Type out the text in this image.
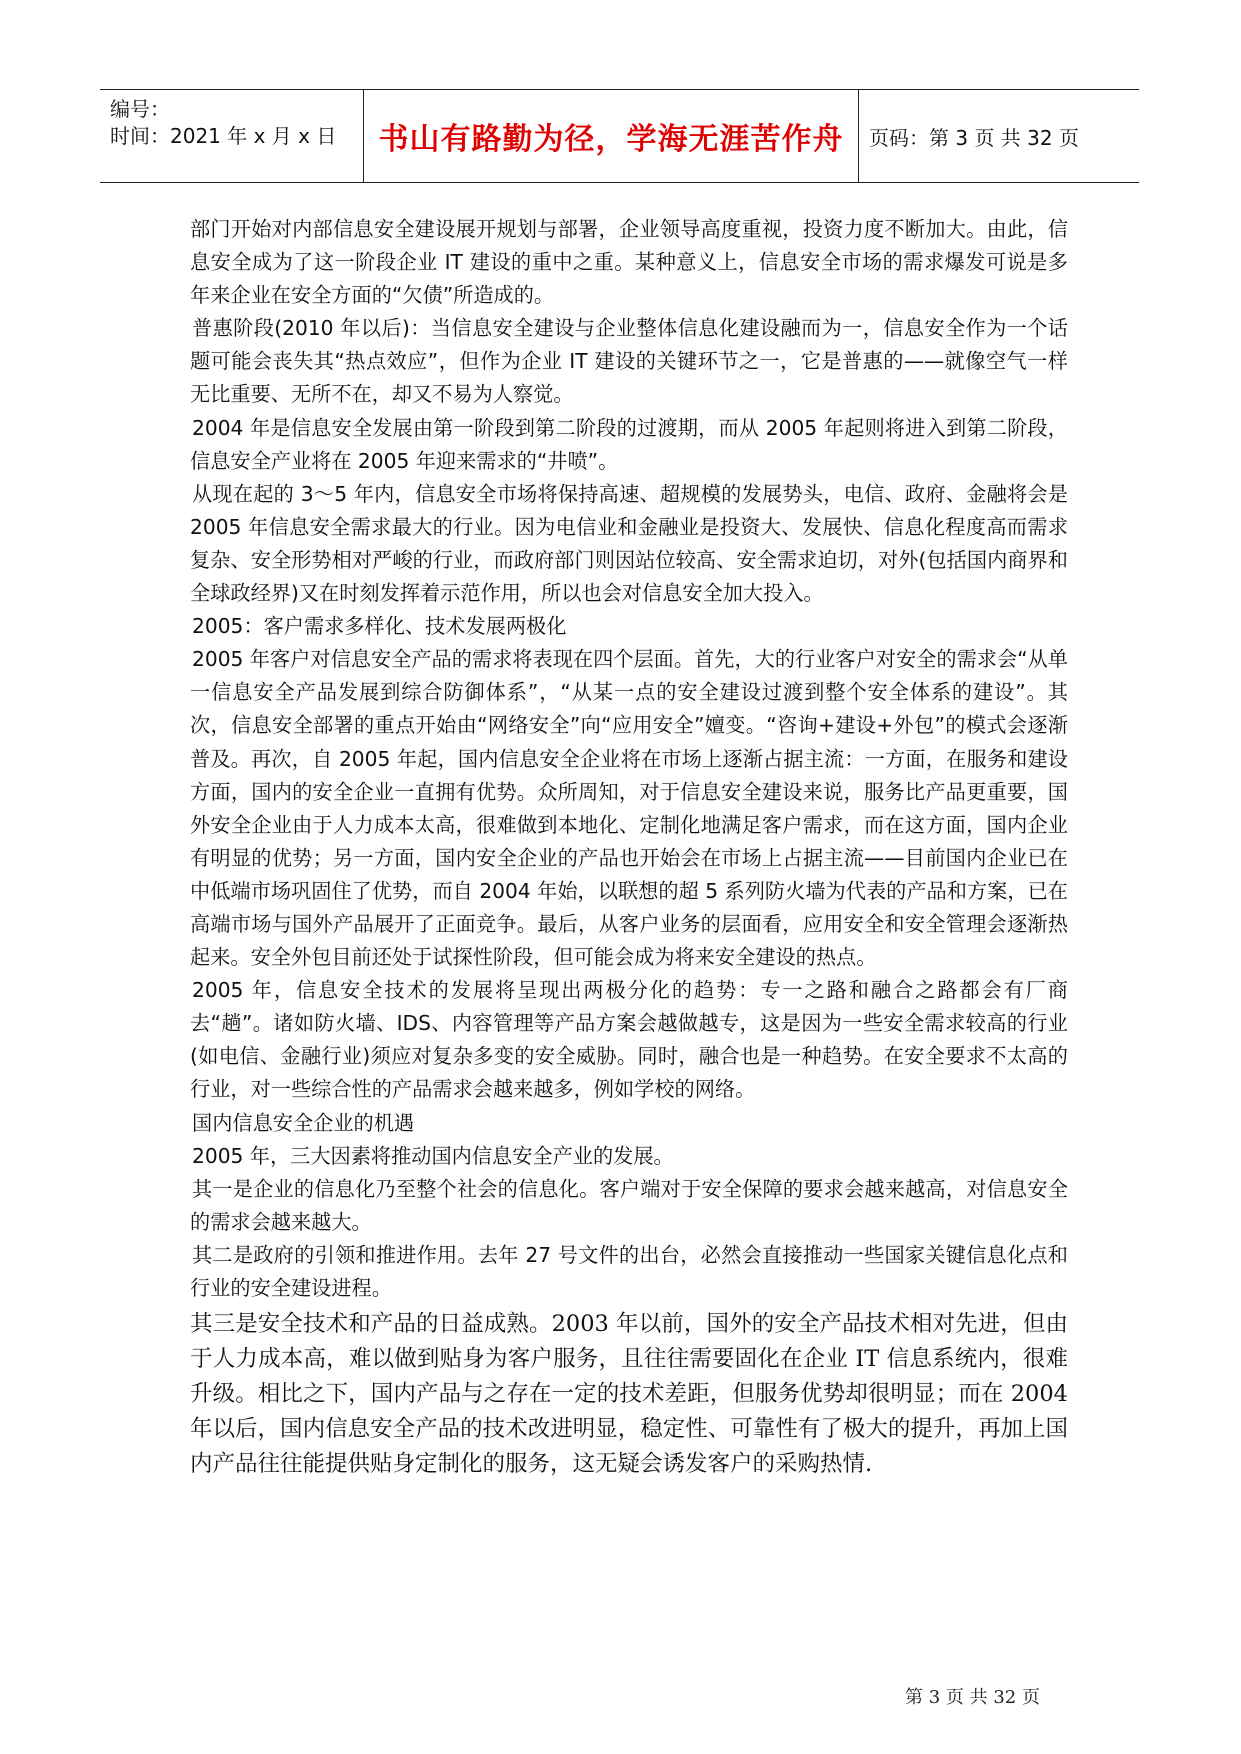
编号：
时间：2021 年 x 月 x 日	书山有路勤为径，学海无涯苦作舟	页码：第 3 页 共 32 页

部门开始对内部信息安全建设展开规划与部署，企业领导高度重视，投资力度不断加大。由此，信息安全成为了这一阶段企业 IT 建设的重中之重。某种意义上，信息安全市场的需求爆发可说是多年来企业在安全方面的“欠债”所造成的。

普惠阶段(2010 年以后)：当信息安全建设与企业整体信息化建设融而为一，信息安全作为一个话题可能会丧失其“热点效应”，但作为企业 IT 建设的关键环节之一，它是普惠的——就像空气一样无比重要、无所不在，却又不易为人察觉。

2004 年是信息安全发展由第一阶段到第二阶段的过渡期，而从 2005 年起则将进入到第二阶段，信息安全产业将在 2005 年迎来需求的“井喷”。

从现在起的 3～5 年内，信息安全市场将保持高速、超规模的发展势头，电信、政府、金融将会是 2005 年信息安全需求最大的行业。因为电信业和金融业是投资大、发展快、信息化程度高而需求复杂、安全形势相对严峻的行业，而政府部门则因站位较高、安全需求迫切，对外(包括国内商界和全球政经界)又在时刻发挥着示范作用，所以也会对信息安全加大投入。

2005：客户需求多样化、技术发展两极化

2005 年客户对信息安全产品的需求将表现在四个层面。首先，大的行业客户对安全的需求会“从单一信息安全产品发展到综合防御体系”，“从某一点的安全建设过渡到整个安全体系的建设”。其次，信息安全部署的重点开始由“网络安全”向“应用安全”嬗变。“咨询+建设+外包”的模式会逐渐普及。再次，自 2005 年起，国内信息安全企业将在市场上逐渐占据主流：一方面，在服务和建设方面，国内的安全企业一直拥有优势。众所周知，对于信息安全建设来说，服务比产品更重要，国外安全企业由于人力成本太高，很难做到本地化、定制化地满足客户需求，而在这方面，国内企业有明显的优势；另一方面，国内安全企业的产品也开始会在市场上占据主流——目前国内企业已在中低端市场巩固住了优势，而自 2004 年始，以联想的超 5 系列防火墙为代表的产品和方案，已在高端市场与国外产品展开了正面竞争。最后，从客户业务的层面看，应用安全和安全管理会逐渐热起来。安全外包目前还处于试探性阶段，但可能会成为将来安全建设的热点。

2005 年，信息安全技术的发展将呈现出两极分化的趋势：专一之路和融合之路都会有厂商去“趟”。诸如防火墙、IDS、内容管理等产品方案会越做越专，这是因为一些安全需求较高的行业(如电信、金融行业)须应对复杂多变的安全威胁。同时，融合也是一种趋势。在安全要求不太高的行业，对一些综合性的产品需求会越来越多，例如学校的网络。

国内信息安全企业的机遇

2005 年，三大因素将推动国内信息安全产业的发展。

其一是企业的信息化乃至整个社会的信息化。客户端对于安全保障的要求会越来越高，对信息安全的需求会越来越大。

其二是政府的引领和推进作用。去年 27 号文件的出台，必然会直接推动一些国家关键信息化点和行业的安全建设进程。

其三是安全技术和产品的日益成熟。2003 年以前，国外的安全产品技术相对先进，但由于人力成本高，难以做到贴身为客户服务，且往往需要固化在企业 IT 信息系统内，很难升级。相比之下，国内产品与之存在一定的技术差距，但服务优势却很明显；而在 2004 年以后，国内信息安全产品的技术改进明显，稳定性、可靠性有了极大的提升，再加上国内产品往往能提供贴身定制化的服务，这无疑会诱发客户的采购热情.

第 3 页 共 32 页
